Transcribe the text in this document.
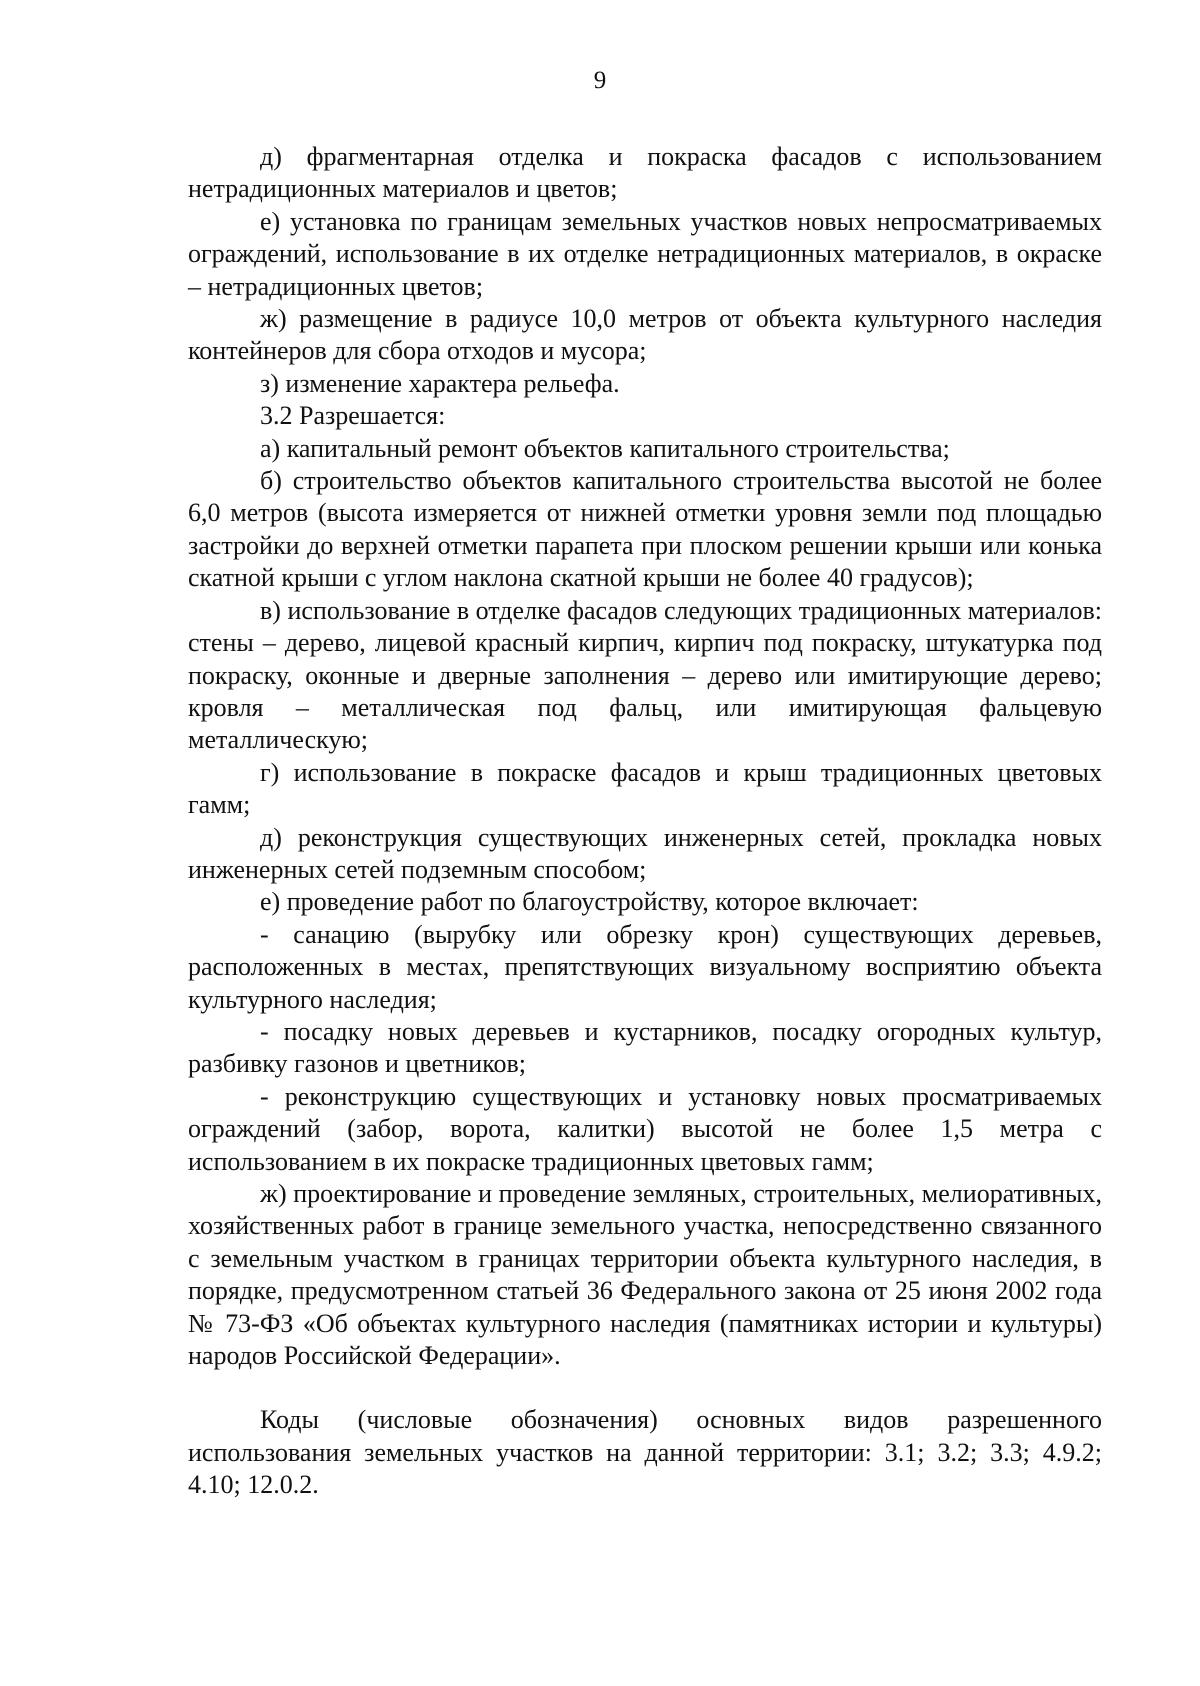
9

д) фрагментарная отделка и покраска фасадов с использованием нетрадиционных материалов и цветов;

е) установка по границам земельных участков новых непросматриваемых ограждений, использование в их отделке нетрадиционных материалов, в окраске – нетрадиционных цветов;

ж) размещение в радиусе 10,0 метров от объекта культурного наследия контейнеров для сбора отходов и мусора;

з) изменение характера рельефа.

3.2 Разрешается:

а) капитальный ремонт объектов капитального строительства;

б) строительство объектов капитального строительства высотой не более 6,0 метров (высота измеряется от нижней отметки уровня земли под площадью застройки до верхней отметки парапета при плоском решении крыши или конька скатной крыши с углом наклона скатной крыши не более 40 градусов);

в) использование в отделке фасадов следующих традиционных материалов: стены – дерево, лицевой красный кирпич, кирпич под покраску, штукатурка под покраску, оконные и дверные заполнения – дерево или имитирующие дерево; кровля – металлическая под фальц, или имитирующая фальцевую металлическую;

г) использование в покраске фасадов и крыш традиционных цветовых гамм;

д) реконструкция существующих инженерных сетей, прокладка новых инженерных сетей подземным способом;

е) проведение работ по благоустройству, которое включает:

- санацию (вырубку или обрезку крон) существующих деревьев, расположенных в местах, препятствующих визуальному восприятию объекта культурного наследия;

- посадку новых деревьев и кустарников, посадку огородных культур, разбивку газонов и цветников;

- реконструкцию существующих и установку новых просматриваемых ограждений (забор, ворота, калитки) высотой не более 1,5 метра с использованием в их покраске традиционных цветовых гамм;

ж) проектирование и проведение земляных, строительных, мелиоративных, хозяйственных работ в границе земельного участка, непосредственно связанного с земельным участком в границах территории объекта культурного наследия, в порядке, предусмотренном статьей 36 Федерального закона от 25 июня 2002 года № 73-ФЗ «Об объектах культурного наследия (памятниках истории и культуры) народов Российской Федерации».

Коды (числовые обозначения) основных видов разрешенного использования земельных участков на данной территории: 3.1; 3.2; 3.3; 4.9.2; 4.10; 12.0.2.
